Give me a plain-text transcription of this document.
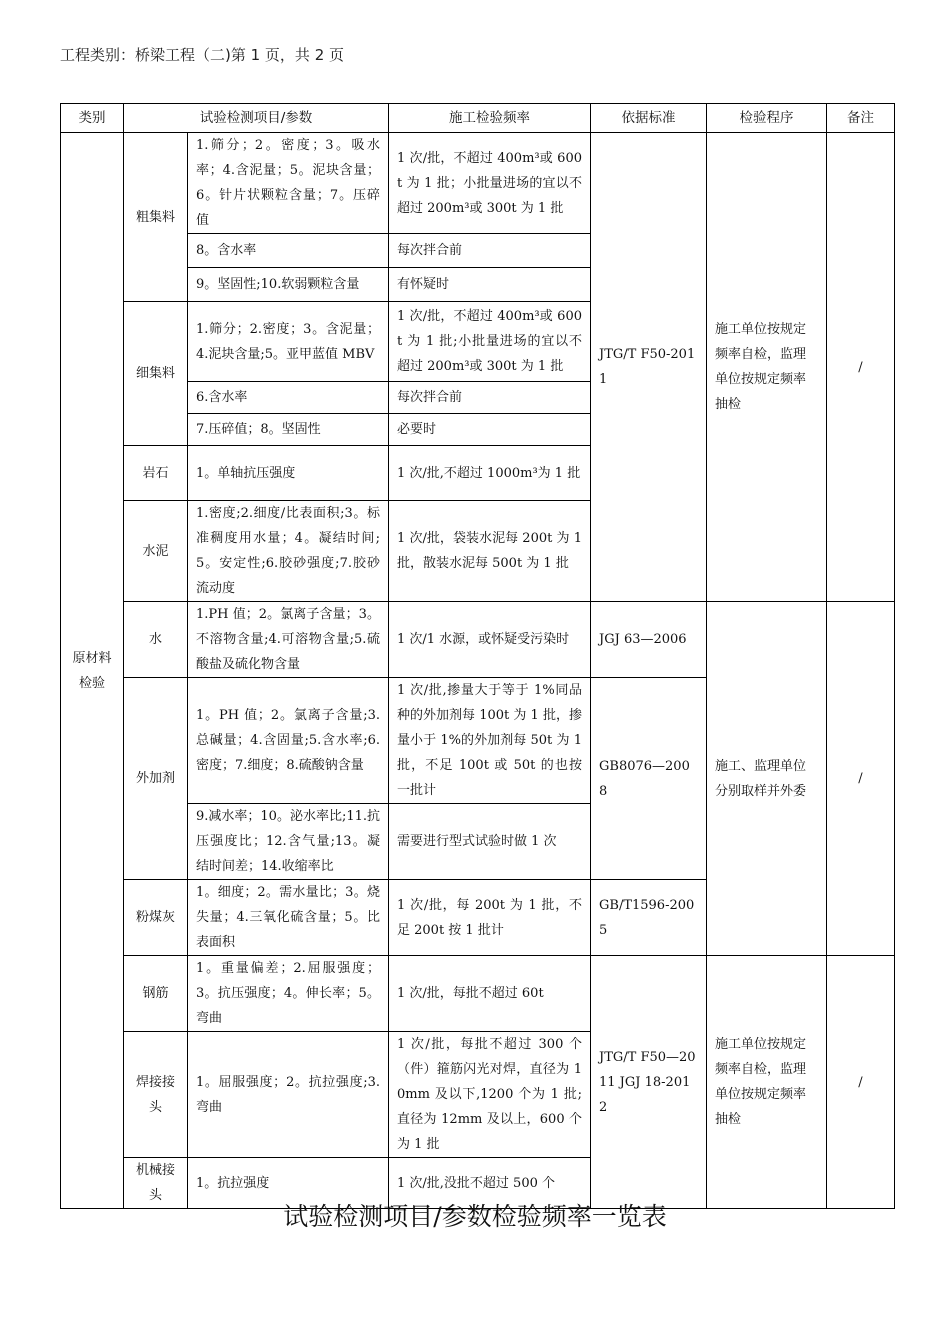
工程类别：桥梁工程（二)第 1 页，共 2 页
类别	试验检测项目/参数		施工检验频率	依据标准	检验程序	备注
原材料检验	粗集料	1.筛分；2。密度；3。吸水率；4.含泥量；5。泥块含量；6。针片状颗粒含量；7。压碎值	1 次/批，不超过 400m³或 600t 为 1 批；小批量进场的宜以不超过 200m³或 300t 为 1 批	JTG/T F50-2011	施工单位按规定频率自检，监理单位按规定频率抽检	/
		8。含水率	每次拌合前			
		9。坚固性;10.软弱颗粒含量	有怀疑时			
	细集料	1.筛分；2.密度；3。含泥量；4.泥块含量;5。亚甲蓝值 MBV	1 次/批，不超过 400m³或 600t 为 1 批;小批量进场的宜以不超过 200m³或 300t 为 1 批			
		6.含水率	每次拌合前			
		7.压碎值；8。坚固性	必要时			
	岩石	1。单轴抗压强度	1 次/批,不超过 1000m³为 1 批			
	水泥	1.密度;2.细度/比表面积;3。标准稠度用水量；4。凝结时间;5。安定性;6.胶砂强度;7.胶砂流动度	1 次/批，袋装水泥每 200t 为 1 批，散装水泥每 500t 为 1 批			
	水	1.PH 值；2。氯离子含量；3。不溶物含量;4.可溶物含量;5.硫酸盐及硫化物含量	1 次/1 水源，或怀疑受污染时	JGJ 63—2006	施工、监理单位分别取样并外委	/
	外加剂	1。PH 值；2。氯离子含量;3.总碱量；4.含固量;5.含水率;6.密度；7.细度；8.硫酸钠含量	1 次/批,掺量大于等于 1%同品种的外加剂每 100t 为 1 批，掺量小于 1%的外加剂每 50t 为 1 批，不足 100t 或 50t 的也按一批计	GB8076—2008		
		9.减水率；10。泌水率比;11.抗压强度比；12.含气量;13。凝结时间差；14.收缩率比	需要进行型式试验时做 1 次			
	粉煤灰	1。细度；2。需水量比；3。烧失量；4.三氧化硫含量；5。比表面积	1 次/批，每 200t 为 1 批，不足 200t 按 1 批计	GB/T1596-2005		
	钢筋	1。重量偏差；2.屈服强度；3。抗压强度；4。伸长率；5。弯曲	1 次/批，每批不超过 60t	JTG/T F50—2011 JGJ 18-2012	施工单位按规定频率自检，监理单位按规定频率抽检	/
	焊接接头	1。屈服强度；2。抗拉强度;3.弯曲	1 次/批，每批不超过 300 个（件）箍筋闪光对焊，直径为 10mm 及以下,1200 个为 1 批;直径为 12mm 及以上，600 个为 1 批			
	机械接头	1。抗拉强度	1 次/批,没批不超过 500 个			
试验检测项目/参数检验频率一览表
